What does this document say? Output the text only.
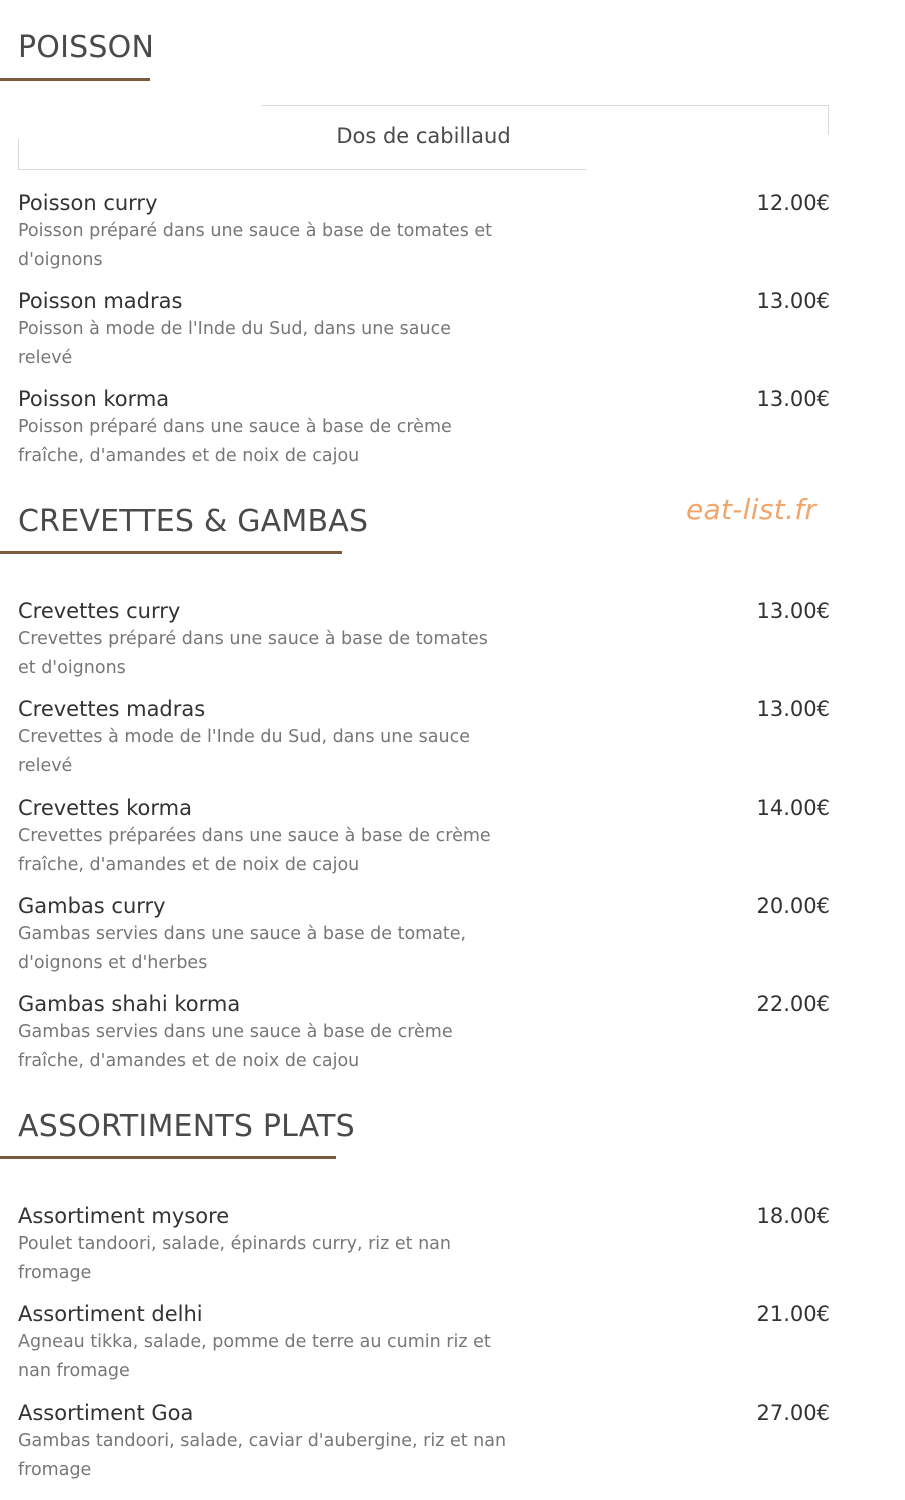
POISSON
Dos de cabillaud
Poisson curry	12.00€
Poisson préparé dans une sauce à base de tomates et d'oignons
Poisson madras	13.00€
Poisson à mode de l'Inde du Sud, dans une sauce relevé
Poisson korma	13.00€
Poisson préparé dans une sauce à base de crème fraîche, d'amandes et de noix de cajou
CREVETTES & GAMBAS	eat-list.fr
Crevettes curry	13.00€
Crevettes préparé dans une sauce à base de tomates et d'oignons
Crevettes madras	13.00€
Crevettes à mode de l'Inde du Sud, dans une sauce relevé
Crevettes korma	14.00€
Crevettes préparées dans une sauce à base de crème fraîche, d'amandes et de noix de cajou
Gambas curry	20.00€
Gambas servies dans une sauce à base de tomate, d'oignons et d'herbes
Gambas shahi korma	22.00€
Gambas servies dans une sauce à base de crème fraîche, d'amandes et de noix de cajou
ASSORTIMENTS PLATS
Assortiment mysore	18.00€
Poulet tandoori, salade, épinards curry, riz et nan fromage
Assortiment delhi	21.00€
Agneau tikka, salade, pomme de terre au cumin riz et nan fromage
Assortiment Goa	27.00€
Gambas tandoori, salade, caviar d'aubergine, riz et nan fromage
